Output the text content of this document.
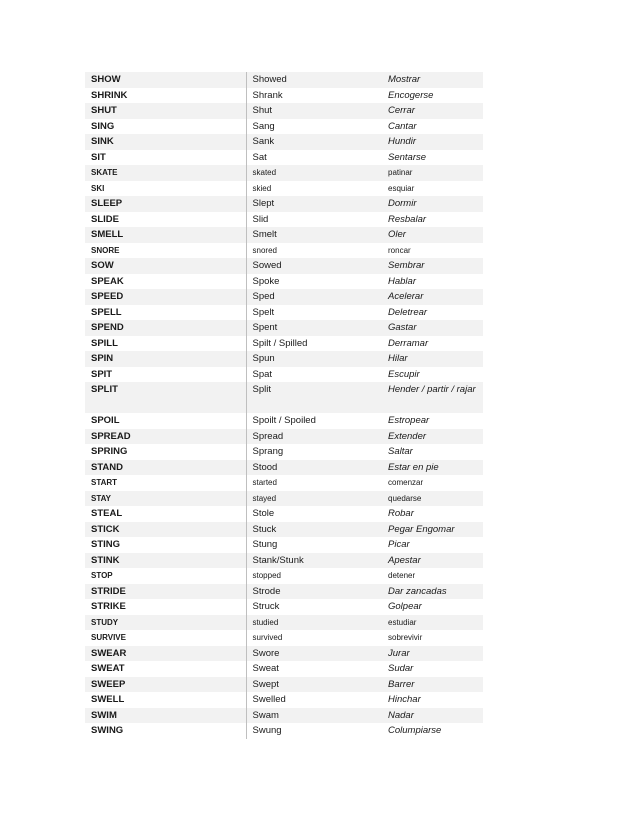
SHOW	Showed	Mostrar
SHRINK	Shrank	Encogerse
SHUT	Shut	Cerrar
SING	Sang	Cantar
SINK	Sank	Hundir
SIT	Sat	Sentarse
SKATE	skated	patinar
SKI	skied	esquiar
SLEEP	Slept	Dormir
SLIDE	Slid	Resbalar
SMELL	Smelt	Oler
SNORE	snored	roncar
SOW	Sowed	Sembrar
SPEAK	Spoke	Hablar
SPEED	Sped	Acelerar
SPELL	Spelt	Deletrear
SPEND	Spent	Gastar
SPILL	Spilt / Spilled	Derramar
SPIN	Spun	Hilar
SPIT	Spat	Escupir
SPLIT	Split	Hender / partir / rajar
SPOIL	Spoilt / Spoiled	Estropear
SPREAD	Spread	Extender
SPRING	Sprang	Saltar
STAND	Stood	Estar en pie
START	started	comenzar
STAY	stayed	quedarse
STEAL	Stole	Robar
STICK	Stuck	Pegar Engomar
STING	Stung	Picar
STINK	Stank/Stunk	Apestar
STOP	stopped	detener
STRIDE	Strode	Dar zancadas
STRIKE	Struck	Golpear
STUDY	studied	estudiar
SURVIVE	survived	sobrevivir
SWEAR	Swore	Jurar
SWEAT	Sweat	Sudar
SWEEP	Swept	Barrer
SWELL	Swelled	Hinchar
SWIM	Swam	Nadar
SWING	Swung	Columpiarse
